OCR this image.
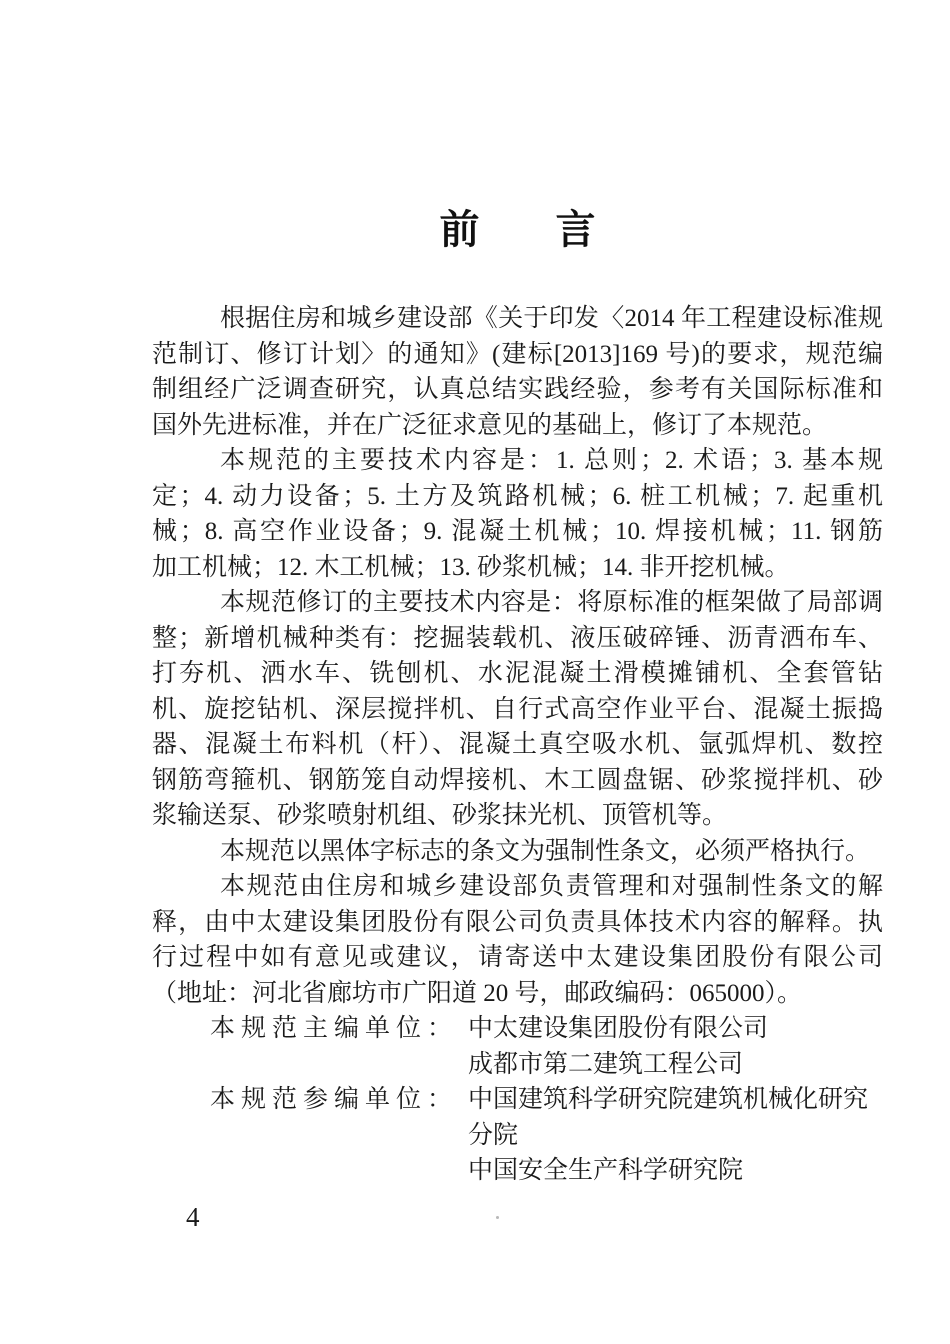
前 言
根据住房和城乡建设部《关于印发〈2014 年工程建设标准规
范制订、修订计划〉的通知》(建标[2013]169 号)的要求，规范编
制组经广泛调查研究，认真总结实践经验，参考有关国际标准和
国外先进标准，并在广泛征求意见的基础上，修订了本规范。
本规范的主要技术内容是：1. 总则；2. 术语；3. 基本规
定；4. 动力设备；5. 土方及筑路机械；6. 桩工机械；7. 起重机
械；8. 高空作业设备；9. 混凝土机械；10. 焊接机械；11. 钢筋
加工机械；12. 木工机械；13. 砂浆机械；14. 非开挖机械。
本规范修订的主要技术内容是：将原标准的框架做了局部调
整；新增机械种类有：挖掘装载机、液压破碎锤、沥青洒布车、
打夯机、洒水车、铣刨机、水泥混凝土滑模摊铺机、全套管钻
机、旋挖钻机、深层搅拌机、自行式高空作业平台、混凝土振捣
器、混凝土布料机（杆）、混凝土真空吸水机、氩弧焊机、数控
钢筋弯箍机、钢筋笼自动焊接机、木工圆盘锯、砂浆搅拌机、砂
浆输送泵、砂浆喷射机组、砂浆抹光机、顶管机等。
本规范以黑体字标志的条文为强制性条文，必须严格执行。
本规范由住房和城乡建设部负责管理和对强制性条文的解
释，由中太建设集团股份有限公司负责具体技术内容的解释。执
行过程中如有意见或建议，请寄送中太建设集团股份有限公司
（地址：河北省廊坊市广阳道 20 号，邮政编码：065000）。
本规范主编单位： 中太建设集团股份有限公司
成都市第二建筑工程公司
本规范参编单位： 中国建筑科学研究院建筑机械化研究
分院
中国安全生产科学研究院
4
